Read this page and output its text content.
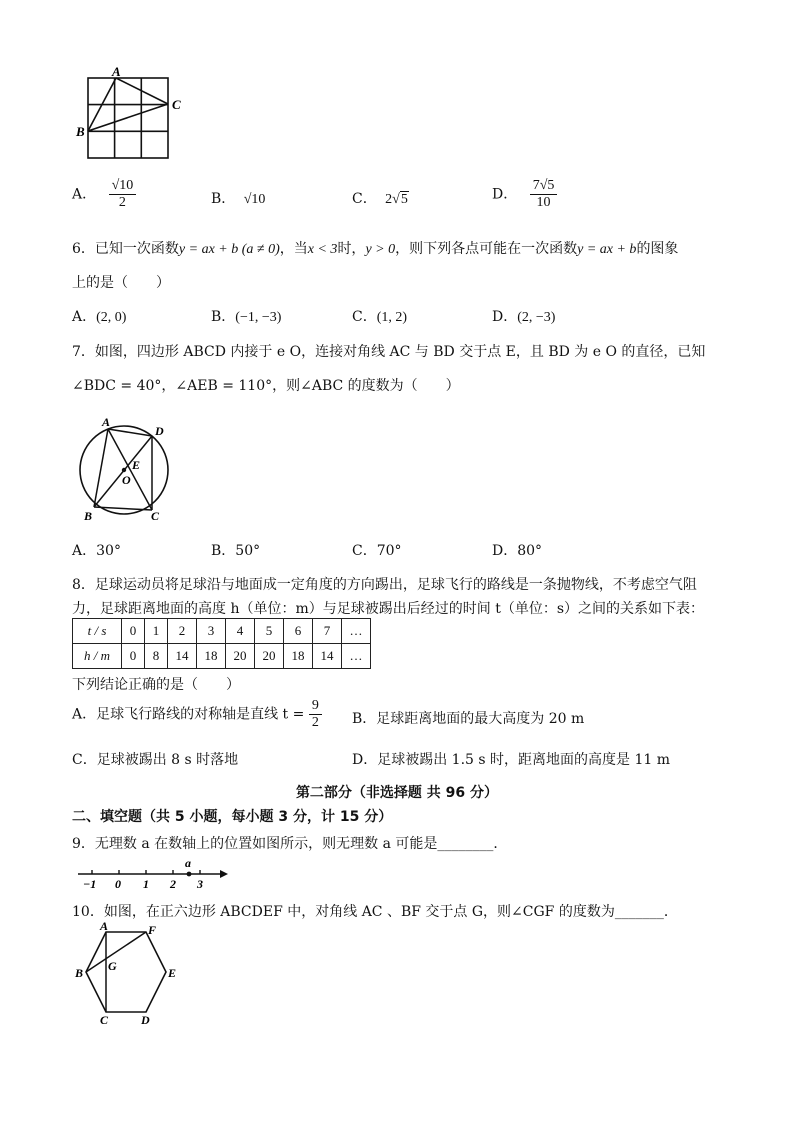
A
B
C
A． $\frac{√10}{2}$	B． √10	C． 2√5	D． $\frac{7√5}{10}$
6．已知一次函数y = ax + b (a ≠ 0)，当x < 3时，y > 0，则下列各点可能在一次函数y = ax + b的图象
上的是（　　）
A．(2, 0)	B．(−1, −3)	C．(1, 2)	D．(2, −3)
7．如图，四边形 ABCD 内接于 e O，连接对角线 AC 与 BD 交于点 E，且 BD 为 e O 的直径，已知
∠BDC = 40°，∠AEB = 110°，则∠ABC 的度数为（　　）
A
D
E
O
B	C
A．30°	B．50°	C．70°	D．80°
8．足球运动员将足球沿与地面成一定角度的方向踢出，足球飞行的路线是一条抛物线，不考虑空气阻
力，足球距离地面的高度 h（单位：m）与足球被踢出后经过的时间 t（单位：s）之间的关系如下表：
t / s	0	1	2	3	4	5	6	7	…
h / m	0	8	14	18	20	20	18	14	…
下列结论正确的是（　　）
A．足球飞行路线的对称轴是直线 $t = \frac{9}{2}$ B．足球距离地面的最大高度为 20 m
C．足球被踢出 8 s 时落地	D．足球被踢出 1.5 s 时，距离地面的高度是 11 m
第二部分（非选择题 共 96 分）
二、填空题（共 5 小题，每小题 3 分，计 15 分）
9．无理数 a 在数轴上的位置如图所示，则无理数 a 可能是________．
a
−1 0 1 2 3
10．如图，在正六边形 ABCDEF 中，对角线 AC 、BF 交于点 G，则∠CGF 的度数为_______．
A	F
B G	E
C	D
